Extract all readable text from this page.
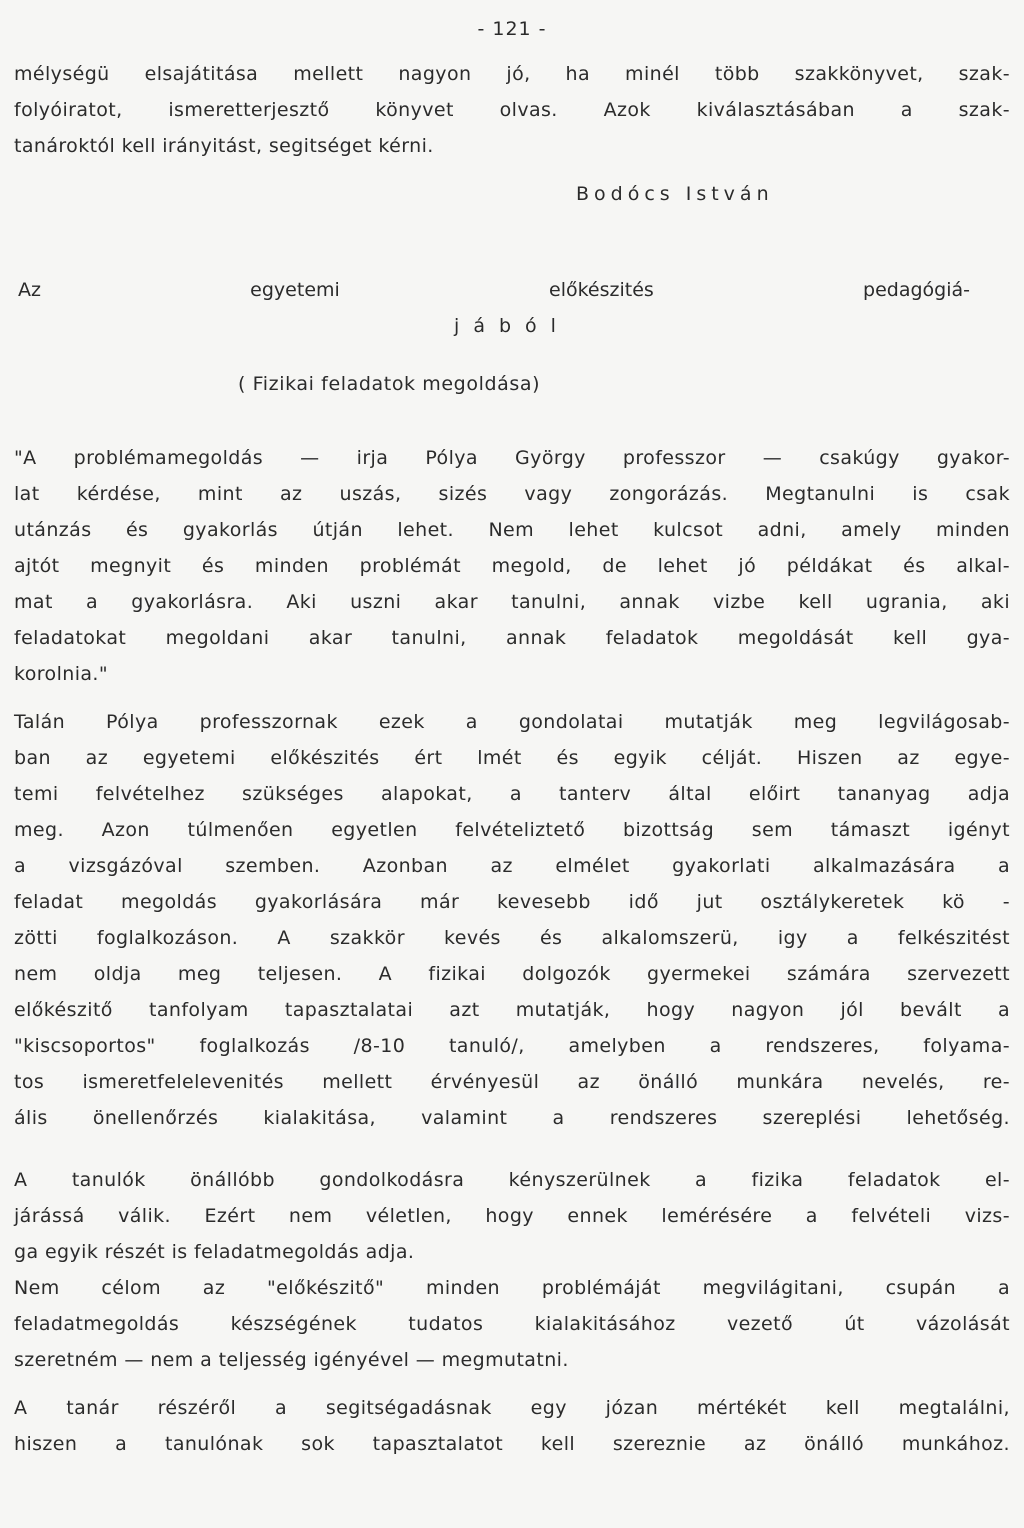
- 121 -
mélységü elsajátitása mellett nagyon jó, ha minél több szakkönyvet, szak-
folyóiratot, ismeretterjesztő könyvet olvas. Azok kiválasztásában a szak-
tanároktól kell irányitást, segitséget kérni.
Bodócs István
Az egyetemi előkészités pedagógiá-
jából
( Fizikai feladatok megoldása)
"A problémamegoldás — irja Pólya György professzor — csakúgy gyakor-
lat kérdése, mint az uszás, sizés vagy zongorázás. Megtanulni is csak
utánzás és gyakorlás útján lehet. Nem lehet kulcsot adni, amely minden
ajtót megnyit és minden problémát megold, de lehet jó példákat és alkal-
mat a gyakorlásra. Aki uszni akar tanulni, annak vizbe kell ugrania, aki
feladatokat megoldani akar tanulni, annak feladatok megoldását kell gya-
korolnia."
Talán Pólya professzornak ezek a gondolatai mutatják meg legvilágosab-
ban az egyetemi előkészités ért lmét és egyik célját. Hiszen az egye-
temi felvételhez szükséges alapokat, a tanterv által előirt tananyag adja
meg. Azon túlmenően egyetlen felvételiztető bizottság sem támaszt igényt
a vizsgázóval szemben. Azonban az elmélet gyakorlati alkalmazására a
feladat megoldás gyakorlására már kevesebb idő jut osztálykeretek kö -
zötti foglalkozáson. A szakkör kevés és alkalomszerü, igy a felkészitést
nem oldja meg teljesen. A fizikai dolgozók gyermekei számára szervezett
előkészitő tanfolyam tapasztalatai azt mutatják, hogy nagyon jól bevált a
"kiscsoportos" foglalkozás /8-10 tanuló/, amelyben a rendszeres, folyama-
tos ismeretfelelevenités mellett érvényesül az önálló munkára nevelés, re-
ális önellenőrzés kialakitása, valamint a rendszeres szereplési lehetőség.
A tanulók önállóbb gondolkodásra kényszerülnek a fizika feladatok el-
járássá válik. Ezért nem véletlen, hogy ennek lemérésére a felvételi vizs-
ga egyik részét is feladatmegoldás adja.
Nem célom az "előkészitő" minden problémáját megvilágitani, csupán a
feladatmegoldás készségének tudatos kialakitásához vezető út vázolását
szeretném — nem a teljesség igényével — megmutatni.
A tanár részéről a segitségadásnak egy józan mértékét kell megtalálni,
hiszen a tanulónak sok tapasztalatot kell szereznie az önálló munkához.
